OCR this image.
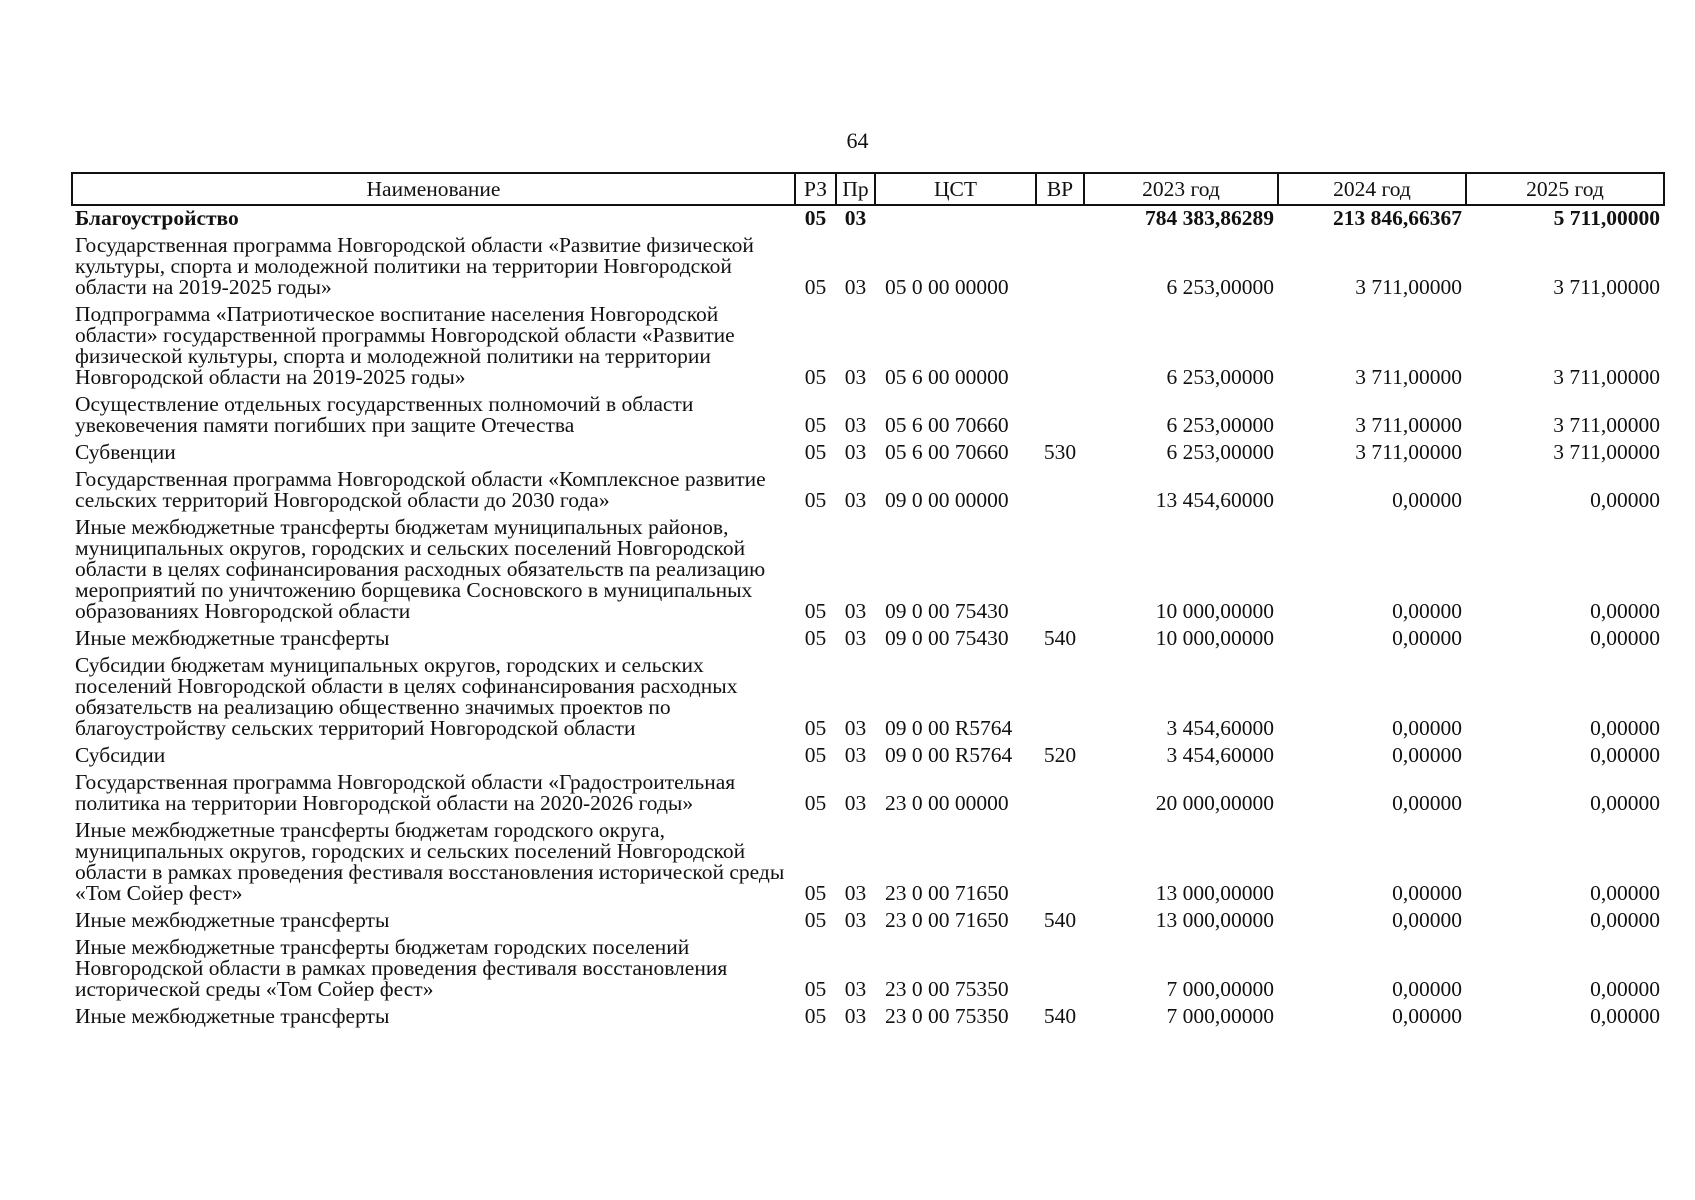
64
Наименование	РЗ	Пр	ЦСТ	ВР	2023 год	2024 год	2025 год
Благоустройство	05	03			784 383,86289	213 846,66367	5 711,00000
Государственная программа Новгородской области «Развитие физической культуры, спорта и молодежной политики на территории Новгородской области на 2019-2025 годы»	05	03	05 0 00 00000		6 253,00000	3 711,00000	3 711,00000
Подпрограмма «Патриотическое воспитание населения Новгородской области» государственной программы Новгородской области «Развитие физической культуры, спорта и молодежной политики на территории Новгородской области на 2019-2025 годы»	05	03	05 6 00 00000		6 253,00000	3 711,00000	3 711,00000
Осуществление отдельных государственных полномочий в области увековечения памяти погибших при защите Отечества	05	03	05 6 00 70660		6 253,00000	3 711,00000	3 711,00000
Субвенции	05	03	05 6 00 70660	530	6 253,00000	3 711,00000	3 711,00000
Государственная программа Новгородской области «Комплексное развитие сельских территорий Новгородской области до 2030 года»	05	03	09 0 00 00000		13 454,60000	0,00000	0,00000
Иные межбюджетные трансферты бюджетам муниципальных районов, муниципальных округов, городских и сельских поселений Новгородской области в целях софинансирования расходных обязательств па реализацию мероприятий по уничтожению борщевика Сосновского в муниципальных образованиях Новгородской области	05	03	09 0 00 75430		10 000,00000	0,00000	0,00000
Иные межбюджетные трансферты	05	03	09 0 00 75430	540	10 000,00000	0,00000	0,00000
Субсидии бюджетам муниципальных округов, городских и сельских поселений Новгородской области в целях софинансирования расходных обязательств на реализацию общественно значимых проектов по благоустройству сельских территорий Новгородской области	05	03	09 0 00 R5764		3 454,60000	0,00000	0,00000
Субсидии	05	03	09 0 00 R5764	520	3 454,60000	0,00000	0,00000
Государственная программа Новгородской области «Градостроительная политика на территории Новгородской области на 2020-2026 годы»	05	03	23 0 00 00000		20 000,00000	0,00000	0,00000
Иные межбюджетные трансферты бюджетам городского округа, муниципальных округов, городских и сельских поселений Новгородской области в рамках проведения фестиваля восстановления исторической среды «Том Сойер фест»	05	03	23 0 00 71650		13 000,00000	0,00000	0,00000
Иные межбюджетные трансферты	05	03	23 0 00 71650	540	13 000,00000	0,00000	0,00000
Иные межбюджетные трансферты бюджетам городских поселений Новгородской области в рамках проведения фестиваля восстановления исторической среды «Том Сойер фест»	05	03	23 0 00 75350		7 000,00000	0,00000	0,00000
Иные межбюджетные трансферты	05	03	23 0 00 75350	540	7 000,00000	0,00000	0,00000
